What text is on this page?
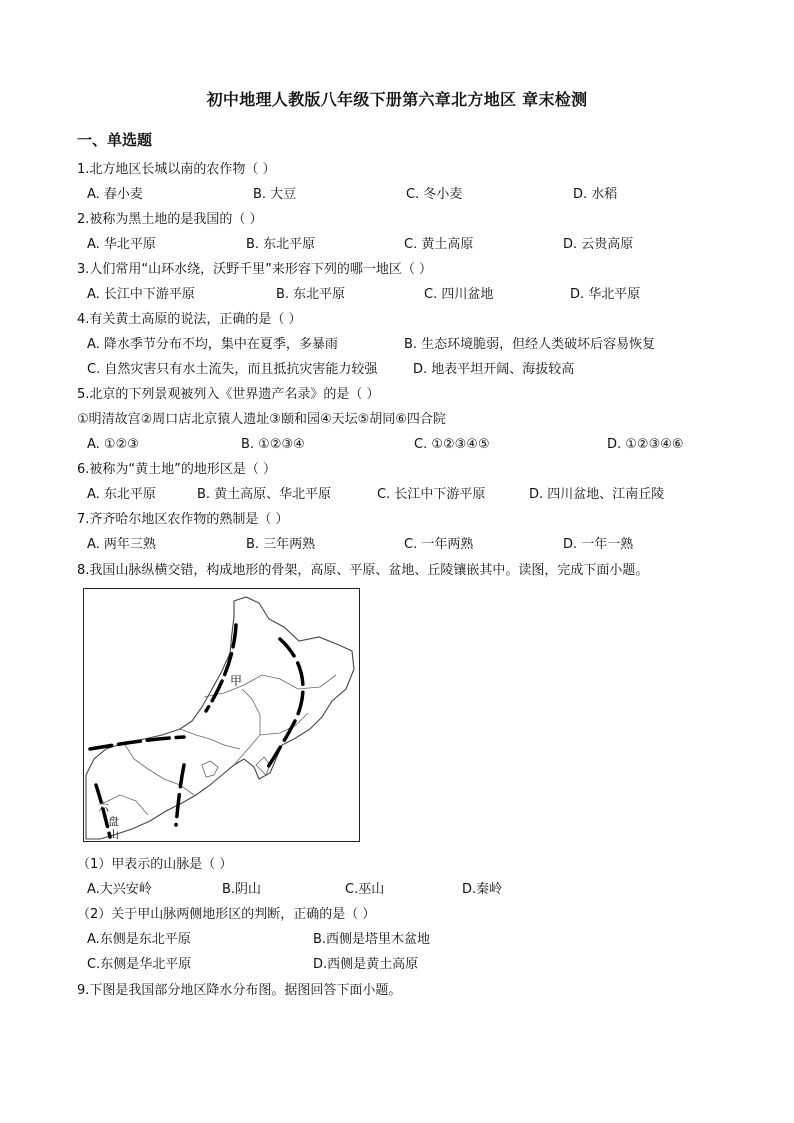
初中地理人教版八年级下册第六章北方地区 章末检测
一、单选题
1.北方地区长城以南的农作物（ ）
A. 春小麦	B. 大豆	C. 冬小麦	D. 水稻
2.被称为黑土地的是我国的（ ）
A. 华北平原	B. 东北平原	C. 黄土高原	D. 云贵高原
3.人们常用“山环水绕，沃野千里”来形容下列的哪一地区（ ）
A. 长江中下游平原	B. 东北平原	C. 四川盆地	D. 华北平原
4.有关黄土高原的说法，正确的是（ ）
A. 降水季节分布不均，集中在夏季，多暴雨	B. 生态环境脆弱，但经人类破坏后容易恢复
C. 自然灾害只有水土流失，而且抵抗灾害能力较强	D. 地表平坦开阔、海拔较高
5.北京的下列景观被列入《世界遗产名录》的是（ ）
①明清故宫②周口店北京猿人遗址③颐和园④天坛⑤胡同⑥四合院
A. ①②③	B. ①②③④	C. ①②③④⑤	D. ①②③④⑥
6.被称为“黄土地”的地形区是（ ）
A. 东北平原	B. 黄土高原、华北平原	C. 长江中下游平原	D. 四川盆地、江南丘陵
7.齐齐哈尔地区农作物的熟制是（ ）
A. 两年三熟	B. 三年两熟	C. 一年两熟	D. 一年一熟
8.我国山脉纵横交错，构成地形的骨架，高原、平原、盆地、丘陵镶嵌其中。读图，完成下面小题。
甲
六
盘
山
（1）甲表示的山脉是（ ）
A.大兴安岭	B.阴山	C.巫山	D.秦岭
（2）关于甲山脉两侧地形区的判断，正确的是（ ）
A.东侧是东北平原	B.西侧是塔里木盆地
C.东侧是华北平原	D.西侧是黄土高原
9.下图是我国部分地区降水分布图。据图回答下面小题。
